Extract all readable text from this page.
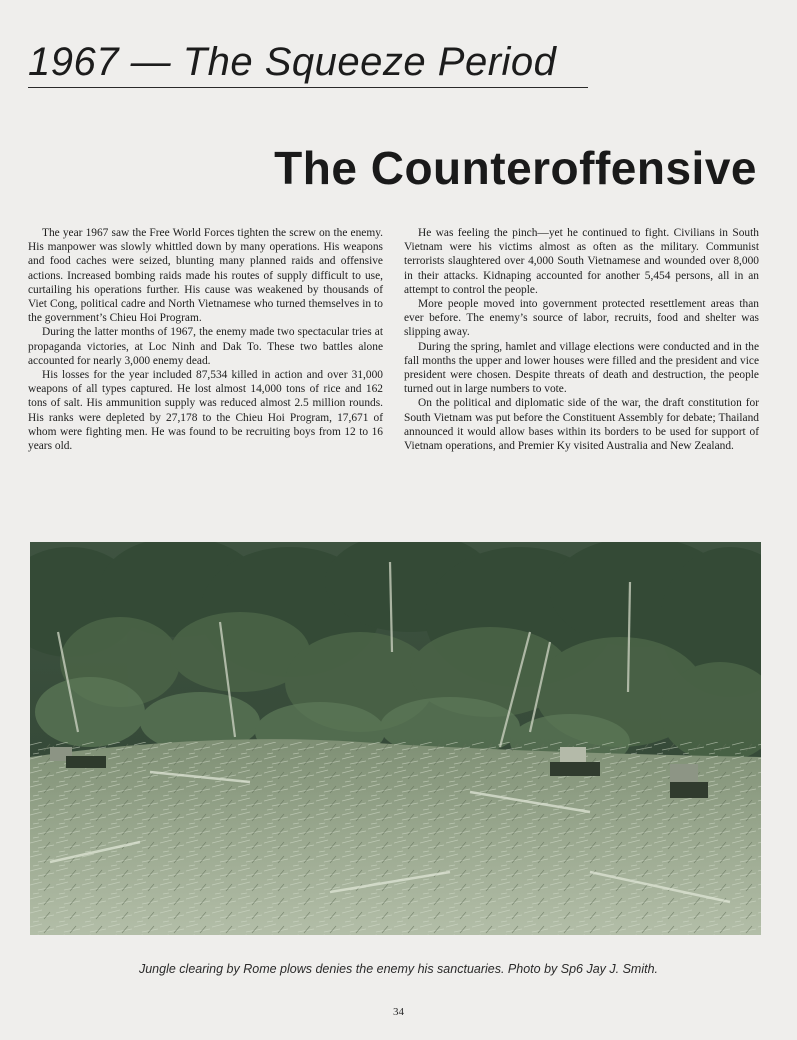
1967 — The Squeeze Period
The Counteroffensive

The year 1967 saw the Free World Forces tighten the screw on the enemy. His manpower was slowly whittled down by many operations. His weapons and food caches were seized, blunting many planned raids and offensive actions. Increased bombing raids made his routes of supply difficult to use, curtailing his operations further. His cause was weakened by thousands of Viet Cong, political cadre and North Vietnamese who turned themselves in to the government’s Chieu Hoi Program.

During the latter months of 1967, the enemy made two spectacular tries at propaganda victories, at Loc Ninh and Dak To. These two battles alone accounted for nearly 3,000 enemy dead.

His losses for the year included 87,534 killed in action and over 31,000 weapons of all types captured. He lost almost 14,000 tons of rice and 162 tons of salt. His ammunition supply was reduced almost 2.5 million rounds. His ranks were depleted by 27,178 to the Chieu Hoi Program, 17,671 of whom were fighting men. He was found to be recruiting boys from 12 to 16 years old.

He was feeling the pinch—yet he continued to fight. Civilians in South Vietnam were his victims almost as often as the military. Communist terrorists slaughtered over 4,000 South Vietnamese and wounded over 8,000 in their attacks. Kidnaping accounted for another 5,454 persons, all in an attempt to control the people.

More people moved into government protected resettlement areas than ever before. The enemy’s source of labor, recruits, food and shelter was slipping away.

During the spring, hamlet and village elections were conducted and in the fall months the upper and lower houses were filled and the president and vice president were chosen. Despite threats of death and destruction, the people turned out in large numbers to vote.

On the political and diplomatic side of the war, the draft constitution for South Vietnam was put before the Constituent Assembly for debate; Thailand announced it would allow bases within its borders to be used for support of Vietnam operations, and Premier Ky visited Australia and New Zealand.

Jungle clearing by Rome plows denies the enemy his sanctuaries. Photo by Sp6 Jay J. Smith.
34
